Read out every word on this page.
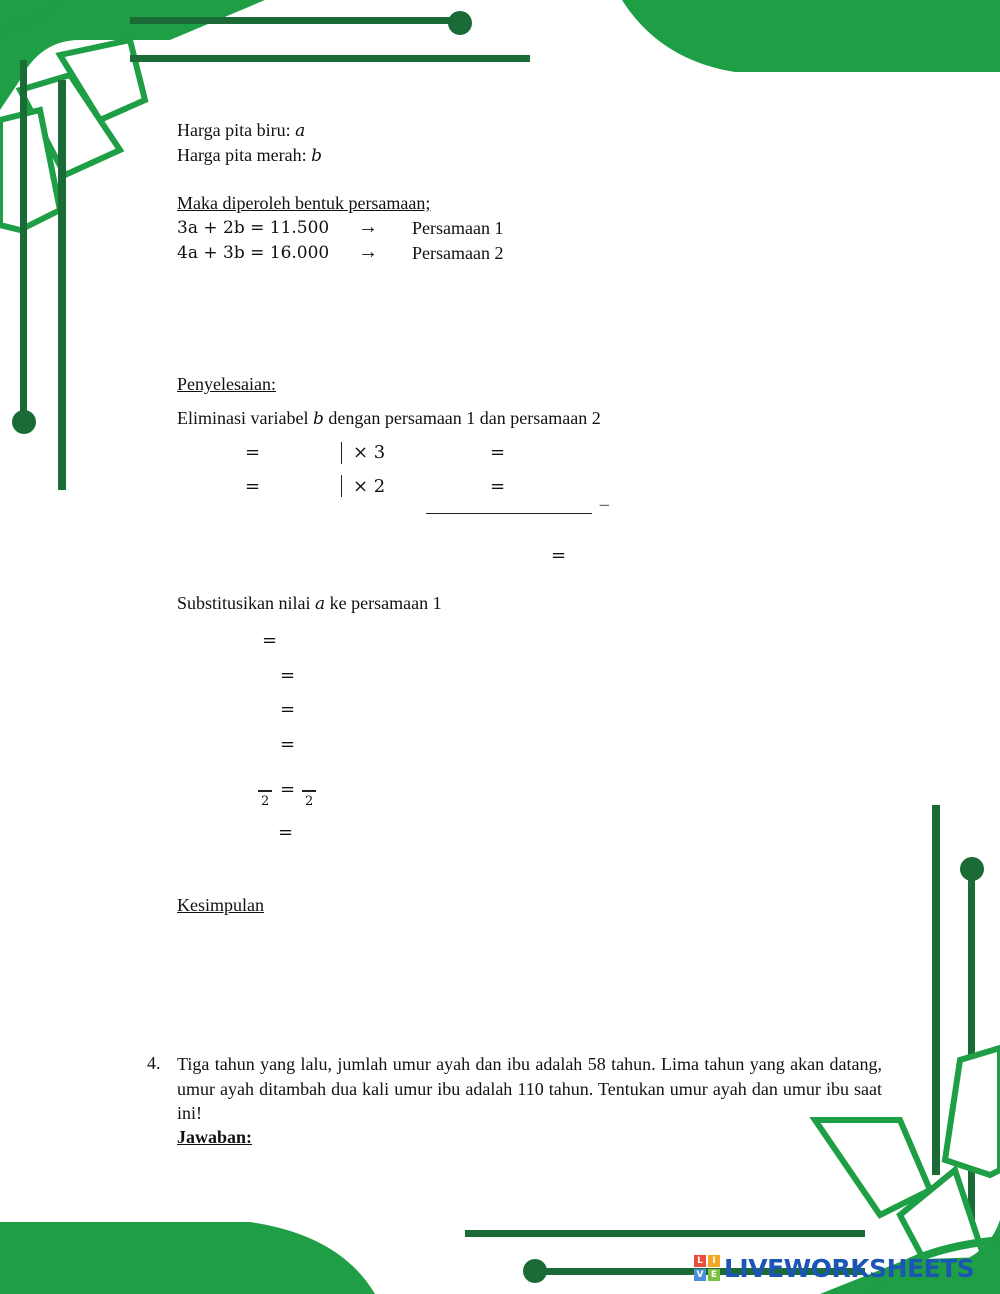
Harga pita biru: a
Harga pita merah: b
Maka diperoleh bentuk persamaan;
3a + 2b = 11.500 → Persamaan 1
4a + 3b = 16.000 → Persamaan 2
Penyelesaian:
Eliminasi variabel b dengan persamaan 1 dan persamaan 2
=	× 3	=
=	× 2	=
−
=
Substitusikan nilai a ke persamaan 1
=
=
=
=
2
=
2
=
Kesimpulan
4. Tiga tahun yang lalu, jumlah umur ayah dan ibu adalah 58 tahun. Lima tahun yang akan datang, umur ayah ditambah dua kali umur ibu adalah 110 tahun. Tentukan umur ayah dan umur ibu saat ini!
Jawaban:
L	I
V E LIVEWORKSHEETS
